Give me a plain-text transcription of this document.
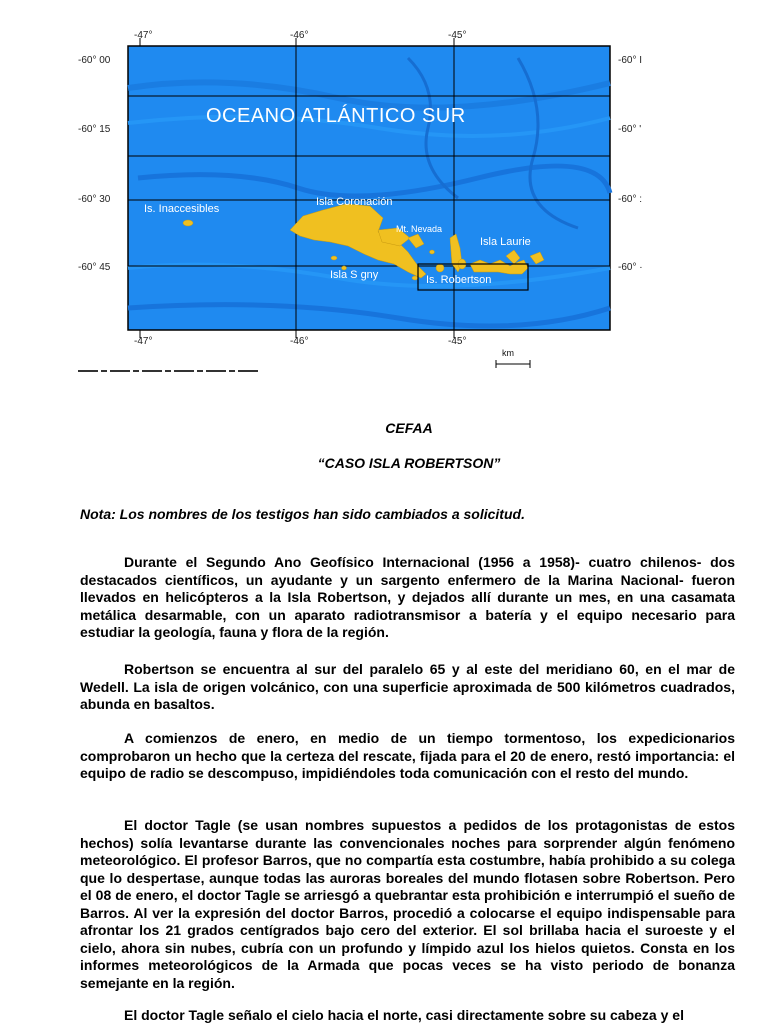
-47°	-46°	-45°
-47°	-46°	-45°
-60° 00
-60° 15
-60° 30
-60° 45
-60° I
-60° '
-60° :
-60° ·
OCEANO ATLÁNTICO SUR
Is. Inaccesibles
Isla Coronación
Mt. Nevada
Isla Laurie
Isla S gny	Is. Robertson
km
CEFAA
“CASO ISLA ROBERTSON”
Nota: Los nombres de los testigos han sido cambiados a solicitud.

Durante el Segundo Ano Geofísico Internacional (1956 a 1958)- cuatro chilenos- dos destacados científicos, un ayudante y un sargento enfermero de la Marina Nacional- fueron llevados en helicópteros a la Isla Robertson, y dejados allí durante un mes, en una casamata metálica desarmable, con un aparato radiotransmisor a batería y el equipo necesario para estudiar la geología, fauna y flora de la región.

Robertson se encuentra al sur del paralelo 65 y al este del meridiano 60, en el mar de Wedell. La isla de origen volcánico, con una superficie aproximada de 500 kilómetros cuadrados, abunda en basaltos.

A comienzos de enero, en medio de un tiempo tormentoso, los expedicionarios comprobaron un hecho que la certeza del rescate, fijada para el 20 de enero, restó importancia: el equipo de radio se descompuso, impidiéndoles toda comunicación con el resto del mundo.

El doctor Tagle (se usan nombres supuestos a pedidos de los protagonistas de estos hechos) solía levantarse durante las convencionales noches para sorprender algún fenómeno meteorológico. El profesor Barros, que no compartía esta costumbre, había prohibido a su colega que lo despertase, aunque todas las auroras boreales del mundo flotasen sobre Robertson. Pero el 08 de enero, el doctor Tagle se arriesgó a quebrantar esta prohibición e interrumpió el sueño de Barros. Al ver la expresión del doctor Barros, procedió a colocarse el equipo indispensable para afrontar los 21 grados centígrados bajo cero del exterior. El sol brillaba hacia el suroeste y el cielo, ahora sin nubes, cubría con un profundo y límpido azul los hielos quietos. Consta en los informes meteorológicos de la Armada que pocas veces se ha visto periodo de bonanza semejante en la región.

El doctor Tagle señalo el cielo hacia el norte, casi directamente sobre su cabeza y el
